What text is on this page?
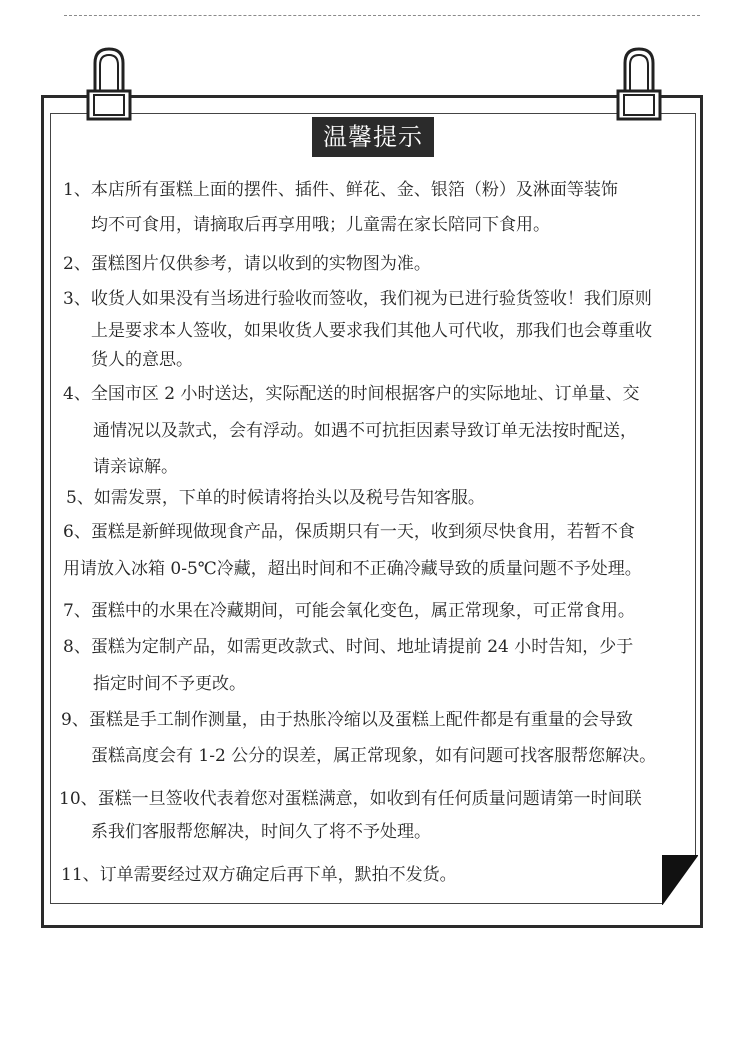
温馨提示
1、本店所有蛋糕上面的摆件、插件、鲜花、金、银箔（粉）及淋面等装饰
均不可食用，请摘取后再享用哦；儿童需在家长陪同下食用。
2、蛋糕图片仅供参考，请以收到的实物图为准。
3、收货人如果没有当场进行验收而签收，我们视为已进行验货签收！我们原则
上是要求本人签收，如果收货人要求我们其他人可代收，那我们也会尊重收
货人的意思。
4、全国市区 2 小时送达，实际配送的时间根据客户的实际地址、订单量、交
通情况以及款式，会有浮动。如遇不可抗拒因素导致订单无法按时配送，
请亲谅解。
5、如需发票，下单的时候请将抬头以及税号告知客服。
6、蛋糕是新鲜现做现食产品，保质期只有一天，收到须尽快食用，若暂不食
用请放入冰箱 0-5℃冷藏，超出时间和不正确冷藏导致的质量问题不予处理。
7、蛋糕中的水果在冷藏期间，可能会氧化变色，属正常现象，可正常食用。
8、蛋糕为定制产品，如需更改款式、时间、地址请提前 24 小时告知，少于
指定时间不予更改。
9、蛋糕是手工制作测量，由于热胀冷缩以及蛋糕上配件都是有重量的会导致
蛋糕高度会有 1-2 公分的误差，属正常现象，如有问题可找客服帮您解决。
10、蛋糕一旦签收代表着您对蛋糕满意，如收到有任何质量问题请第一时间联
系我们客服帮您解决，时间久了将不予处理。
11、订单需要经过双方确定后再下单，默拍不发货。
